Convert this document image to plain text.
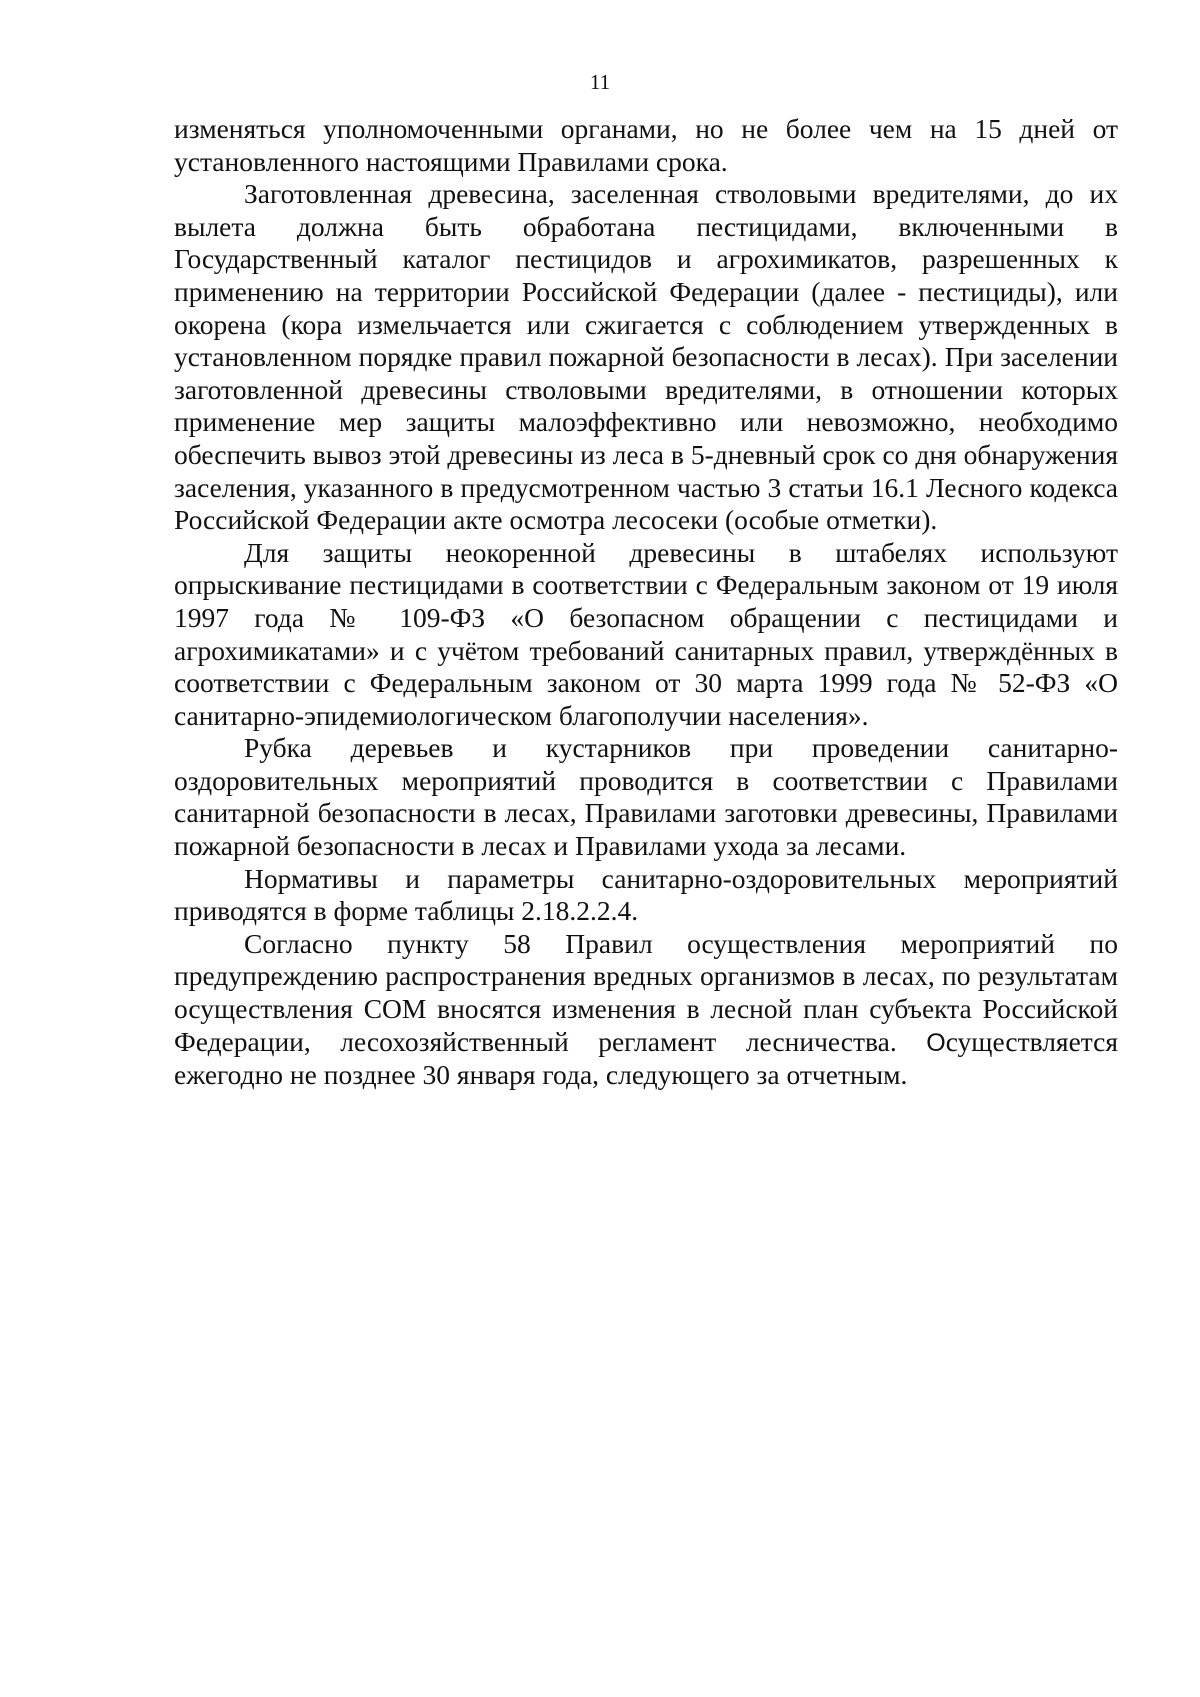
11

изменяться уполномоченными органами, но не более чем на 15 дней от установленного настоящими Правилами срока.

Заготовленная древесина, заселенная стволовыми вредителями, до их вылета должна быть обработана пестицидами, включенными в Государственный каталог пестицидов и агрохимикатов, разрешенных к применению на территории Российской Федерации (далее - пестициды), или окорена (кора измельчается или сжигается с соблюдением утвержденных в установленном порядке правил пожарной безопасности в лесах). При заселении заготовленной древесины стволовыми вредителями, в отношении которых применение мер защиты малоэффективно или невозможно, необходимо обеспечить вывоз этой древесины из леса в 5-дневный срок со дня обнаружения заселения, указанного в предусмотренном частью 3 статьи 16.1 Лесного кодекса Российской Федерации акте осмотра лесосеки (особые отметки).

Для защиты неокоренной древесины в штабелях используют опрыскивание пестицидами в соответствии с Федеральным законом от 19 июля 1997 года № 109-ФЗ «О безопасном обращении с пестицидами и агрохимикатами» и с учётом требований санитарных правил, утверждённых в соответствии с Федеральным законом от 30 марта 1999 года № 52-ФЗ «О санитарно-эпидемиологическом благополучии населения».

Рубка деревьев и кустарников при проведении санитарно-оздоровительных мероприятий проводится в соответствии с Правилами санитарной безопасности в лесах, Правилами заготовки древесины, Правилами пожарной безопасности в лесах и Правилами ухода за лесами.

Нормативы и параметры санитарно-оздоровительных мероприятий приводятся в форме таблицы 2.18.2.2.4.

Согласно пункту 58 Правил осуществления мероприятий по предупреждению распространения вредных организмов в лесах, по результатам осуществления СОМ вносятся изменения в лесной план субъекта Российской Федерации, лесохозяйственный регламент лесничества. Осуществляется ежегодно не позднее 30 января года, следующего за отчетным.
